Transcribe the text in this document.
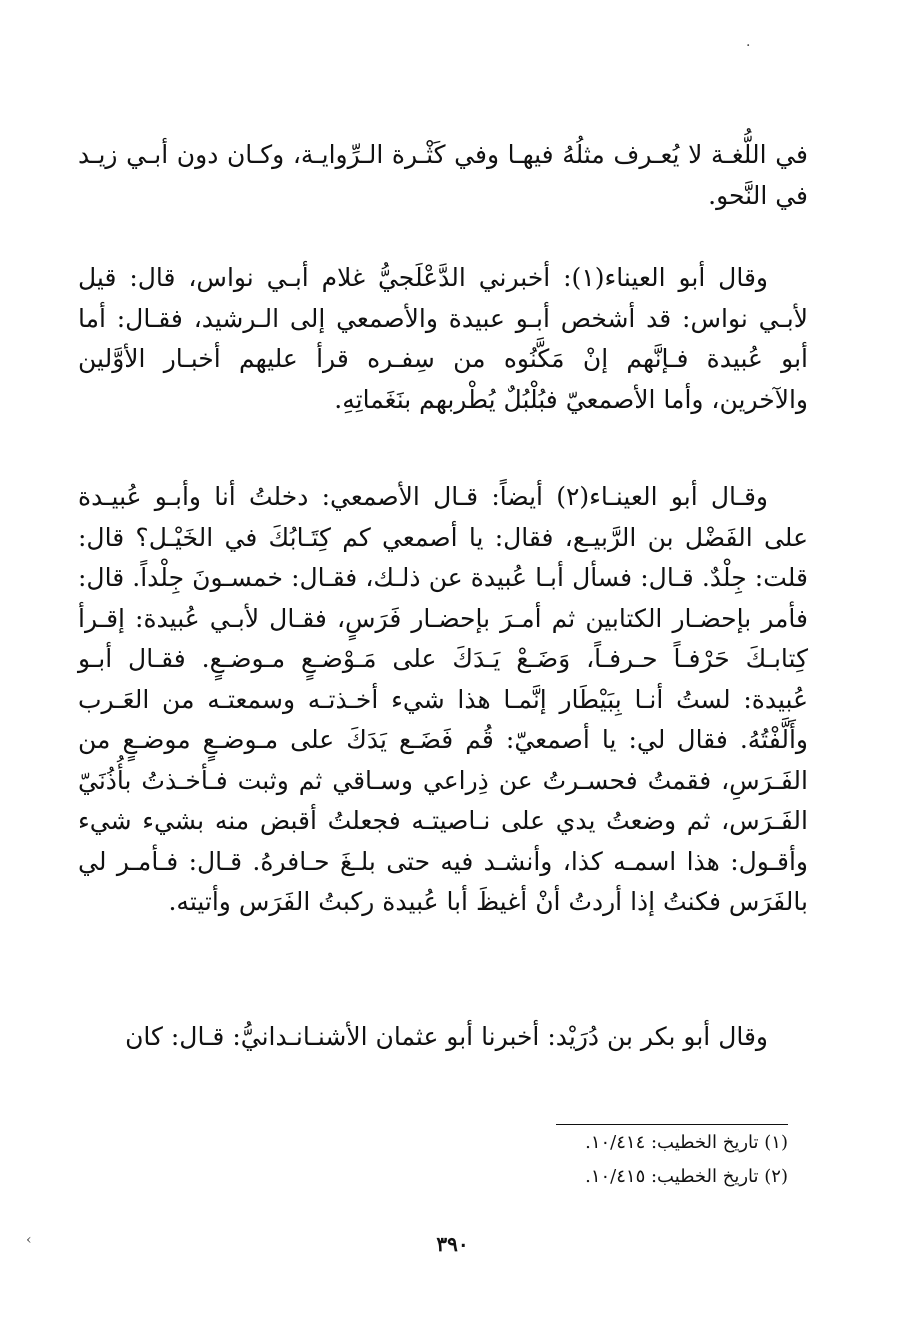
·
‹

في اللُّغـة لا يُعـرف مثلُهُ فيهـا وفي كَثْـرة الـرِّوايـة، وكـان دون أبـي زيـد في النَّحو.

وقال أبو العيناء(١): أخبرني الدَّعْلَجيُّ غلام أبـي نواس، قال: قيل لأبـي نواس: قد أشخص أبـو عبيدة والأصمعي إلى الـرشيد، فقـال: أما أبو عُبيدة فـإنَّهم إنْ مَكَّنُوه من سِفـره قرأ عليهم أخبـار الأوَّلين والآخرين، وأما الأصمعيّ فبُلْبُلٌ يُطْربهم بنَغَماتِهِ.

وقـال أبو العينـاء(٢) أيضاً: قـال الأصمعي: دخلتُ أنا وأبـو عُبيـدة على الفَضْل بن الرَّبيـع، فقال: يا أصمعي كم كِتَـابُكَ في الخَيْـل؟ قال: قلت: جِلْدٌ. قـال: فسأل أبـا عُبيدة عن ذلـك، فقـال: خمسـونَ جِلْداً. قال: فأمر بإحضـار الكتابين ثم أمـرَ بإحضـار فَرَسٍ، فقـال لأبـي عُبيدة: إقـرأ كِتابـكَ حَرْفـاً حـرفـاً، وَضَـعْ يَـدَكَ على مَـوْضـعٍ مـوضـعٍ. فقـال أبـو عُبيدة: لستُ أنـا بِبَيْطَار إنَّمـا هذا شيء أخـذتـه وسمعتـه من العَـرب وأَلَّفْتُهُ. فقال لي: يا أصمعيّ: قُم فَضَـع يَدَكَ على مـوضـعٍ موضـعٍ من الفَـرَسِ، فقمتُ فحسـرتُ عن ذِراعي وسـاقي ثم وثبت فـأخـذتُ بأُذُنَيّ الفَـرَس، ثم وضعتُ يدي على نـاصيتـه فجعلتُ أقبض منه بشيء شيء وأقـول: هذا اسمـه كذا، وأنشـد فيه حتى بلـغَ حـافرهُ. قـال: فـأمـر لي بالفَرَس فكنتُ إذا أردتُ أنْ أغيظَ أبا عُبيدة ركبتُ الفَرَس وأتيته.

وقال أبو بكر بن دُرَيْد: أخبرنا أبو عثمان الأشنـانـدانيُّ: قـال: كان

(١) تاريخ الخطيب: ١٠/٤١٤.
(٢) تاريخ الخطيب: ١٠/٤١٥.
٣٩٠
